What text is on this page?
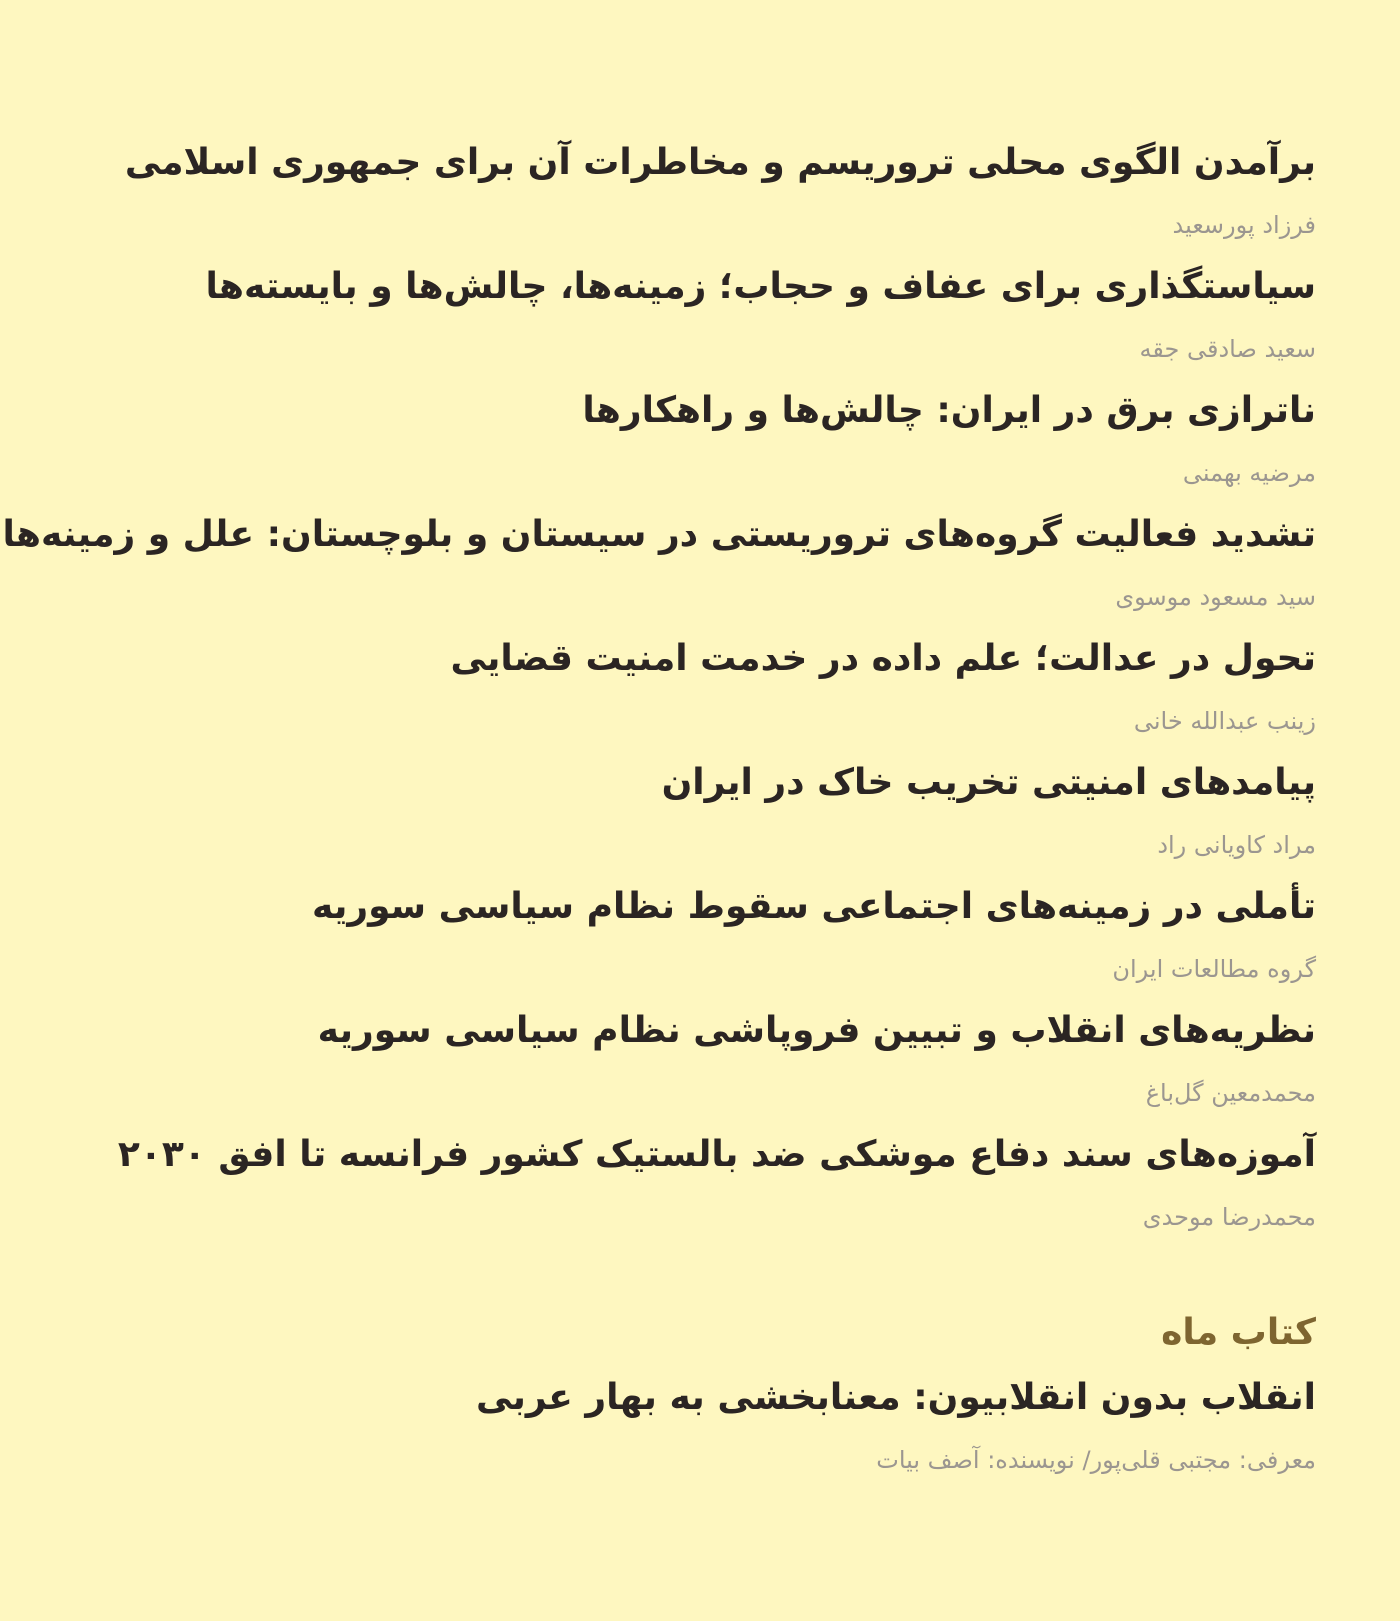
برآمدن الگوی محلی تروریسم و مخاطرات آن برای جمهوری اسلامی
فرزاد پورسعید
سیاستگذاری برای عفاف و حجاب؛ زمینه‌ها، چالش‌ها و بایسته‌ها
سعید صادقی جقه
ناترازی برق در ایران: چالش‌ها و راهکارها
مرضیه بهمنی
تشدید فعالیت گروه‌های تروریستی در سیستان و بلوچستان: علل و زمینه‌ها
سید مسعود موسوی
تحول در عدالت؛ علم داده در خدمت امنیت قضایی
زینب عبدالله خانی
پیامدهای امنیتی تخریب خاک در ایران
مراد کاویانی راد
تأملی در زمینه‌های اجتماعی سقوط نظام سیاسی سوریه
گروه مطالعات ایران
نظریه‌های انقلاب و تبیین فروپاشی نظام سیاسی سوریه
محمدمعین گل‌باغ
آموزه‌های سند دفاع موشکی ضد بالستیک کشور فرانسه تا افق ۲۰۳۰
محمدرضا موحدی
کتاب ماه
انقلاب بدون انقلابیون: معنابخشی به بهار عربی
معرفی: مجتبی قلی‌پور/ نویسنده: آصف بیات
